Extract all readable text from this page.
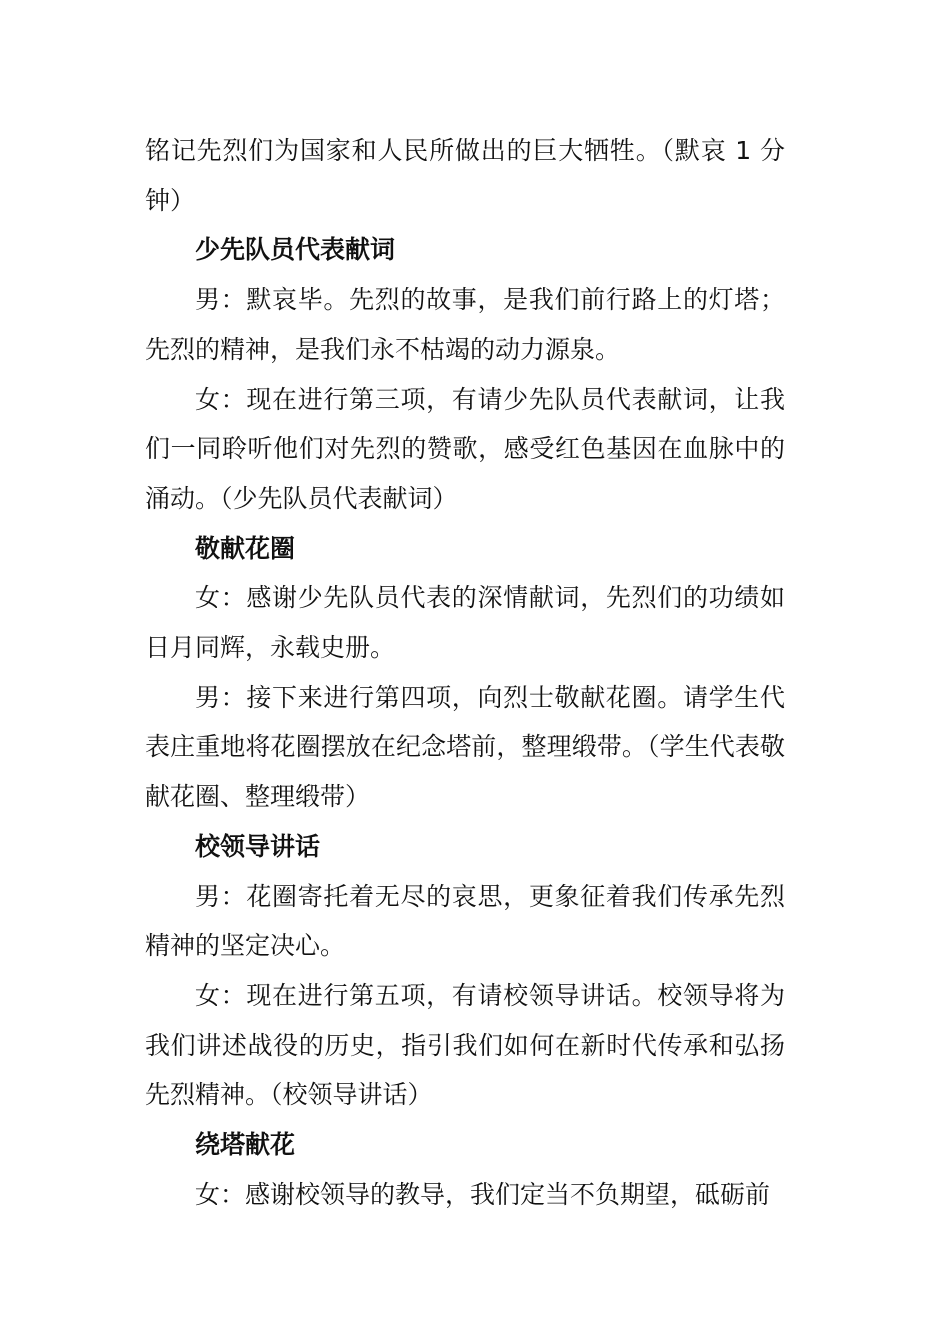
铭记先烈们为国家和人民所做出的巨大牺牲。（默哀 1 分钟）

少先队员代表献词

男：默哀毕。先烈的故事，是我们前行路上的灯塔；先烈的精神，是我们永不枯竭的动力源泉。

女：现在进行第三项，有请少先队员代表献词，让我们一同聆听他们对先烈的赞歌，感受红色基因在血脉中的涌动。（少先队员代表献词）

敬献花圈

女：感谢少先队员代表的深情献词，先烈们的功绩如日月同辉，永载史册。

男：接下来进行第四项，向烈士敬献花圈。请学生代表庄重地将花圈摆放在纪念塔前，整理缎带。（学生代表敬献花圈、整理缎带）

校领导讲话

男：花圈寄托着无尽的哀思，更象征着我们传承先烈精神的坚定决心。

女：现在进行第五项，有请校领导讲话。校领导将为我们讲述战役的历史，指引我们如何在新时代传承和弘扬先烈精神。（校领导讲话）

绕塔献花

女：感谢校领导的教导，我们定当不负期望，砥砺前
